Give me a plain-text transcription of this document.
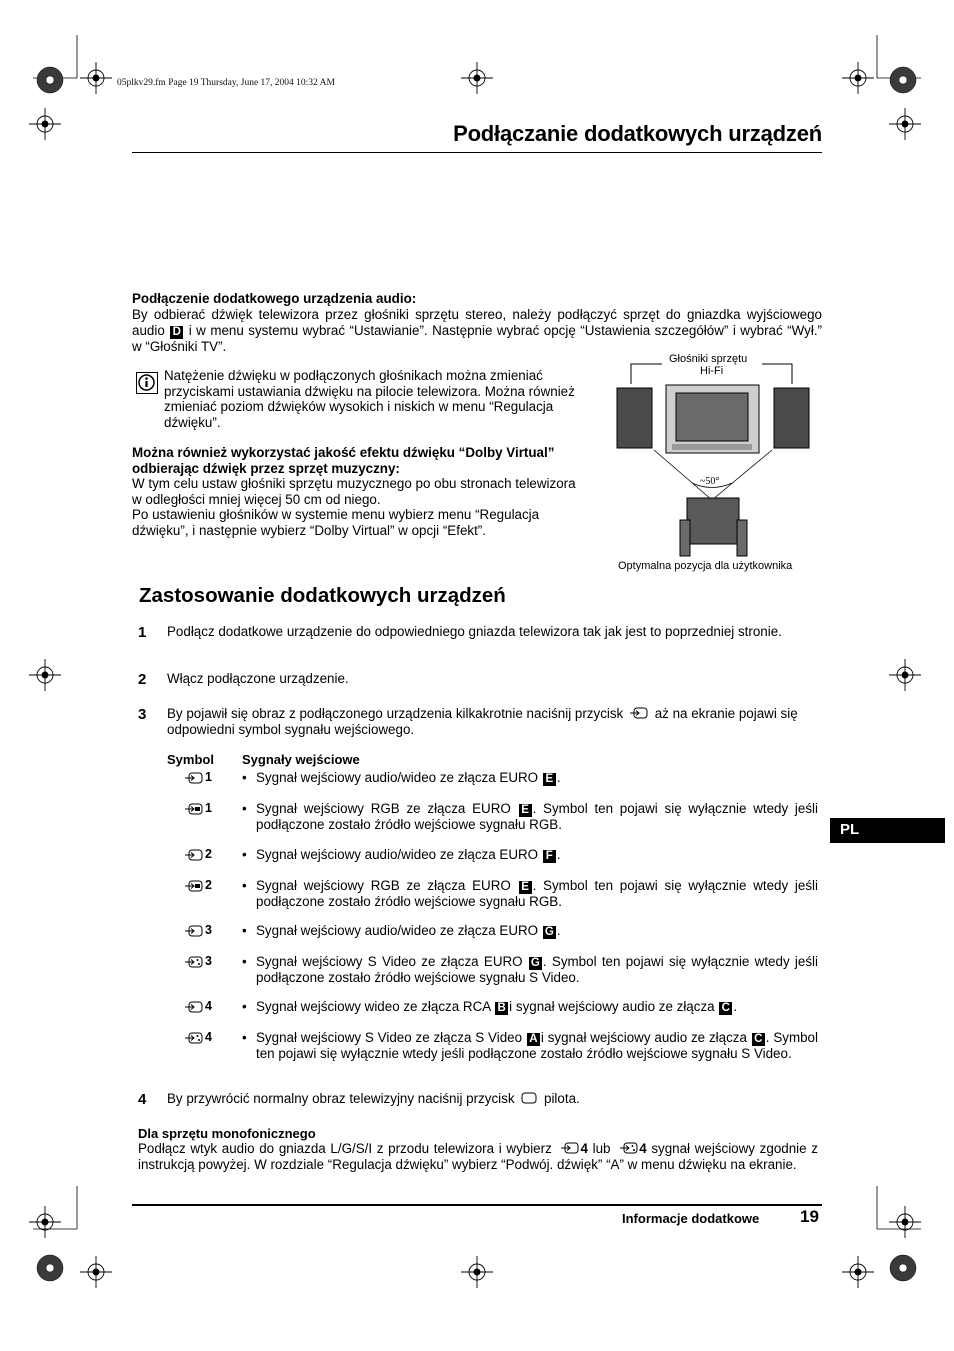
05plkv29.fm Page 19 Thursday, June 17, 2004 10:32 AM
Podłączanie dodatkowych urządzeń
Podłączenie dodatkowego urządzenia audio:
By odbierać dźwięk telewizora przez głośniki sprzętu stereo, należy podłączyć sprzęt do gniazdka wyjściowego audio D i w menu systemu wybrać “Ustawianie”. Następnie wybrać opcję “Ustawienia szczegółów” i wybrać “Wył.” w “Głośniki TV”.
Natężenie dźwięku w podłączonych głośnikach można zmieniać przyciskami ustawiania dźwięku na pilocie telewizora. Można również zmieniać poziom dźwięków wysokich i niskich w menu “Regulacja dźwięku”.
Można również wykorzystać jakość efektu dźwięku “Dolby Virtual” odbierając dźwięk przez sprzęt muzyczny:
W tym celu ustaw głośniki sprzętu muzycznego po obu stronach telewizora w odległości mniej więcej 50 cm od niego.
Po ustawieniu głośników w systemie menu wybierz menu “Regulacja dźwięku”, i następnie wybierz “Dolby Virtual” w opcji “Efekt”.
Głośniki sprzętu
Hi-Fi
~50°
Optymalna pozycja dla użytkownika
Zastosowanie dodatkowych urządzeń
1 Podłącz dodatkowe urządzenie do odpowiedniego gniazda telewizora tak jak jest to poprzedniej stronie.
2 Włącz podłączone urządzenie.
3 By pojawił się obraz z podłączonego urządzenia kilkakrotnie naciśnij przycisk aż na ekranie pojawi się odpowiedni symbol sygnału wejściowego.
Symbol Sygnały wejściowe
1 • Sygnał wejściowy audio/wideo ze złącza EURO E .
1 • Sygnał wejściowy RGB ze złącza EURO E . Symbol ten pojawi się wyłącznie wtedy jeśli podłączone zostało źródło wejściowe sygnału RGB.
2 • Sygnał wejściowy audio/wideo ze złącza EURO F .
2 • Sygnał wejściowy RGB ze złącza EURO E . Symbol ten pojawi się wyłącznie wtedy jeśli podłączone zostało źródło wejściowe sygnału RGB.
3 • Sygnał wejściowy audio/wideo ze złącza EURO G .
3 • Sygnał wejściowy S Video ze złącza EURO G . Symbol ten pojawi się wyłącznie wtedy jeśli podłączone zostało źródło wejściowe sygnału S Video.
4 • Sygnał wejściowy wideo ze złącza RCA B i sygnał wejściowy audio ze złącza C .
4 • Sygnał wejściowy S Video ze złącza S Video A i sygnał wejściowy audio ze złącza C . Symbol ten pojawi się wyłącznie wtedy jeśli podłączone zostało źródło wejściowe sygnału S Video.
4 By przywrócić normalny obraz telewizyjny naciśnij przycisk pilota.
Dla sprzętu monofonicznego
Podłącz wtyk audio do gniazda L/G/S/I z przodu telewizora i wybierz 4 lub 4 sygnał wejściowy zgodnie z instrukcją powyżej. W rozdziale “Regulacja dźwięku” wybierz “Podwój. dźwięk” “A” w menu dźwięku na ekranie.
PL
Informacje dodatkowe 19
